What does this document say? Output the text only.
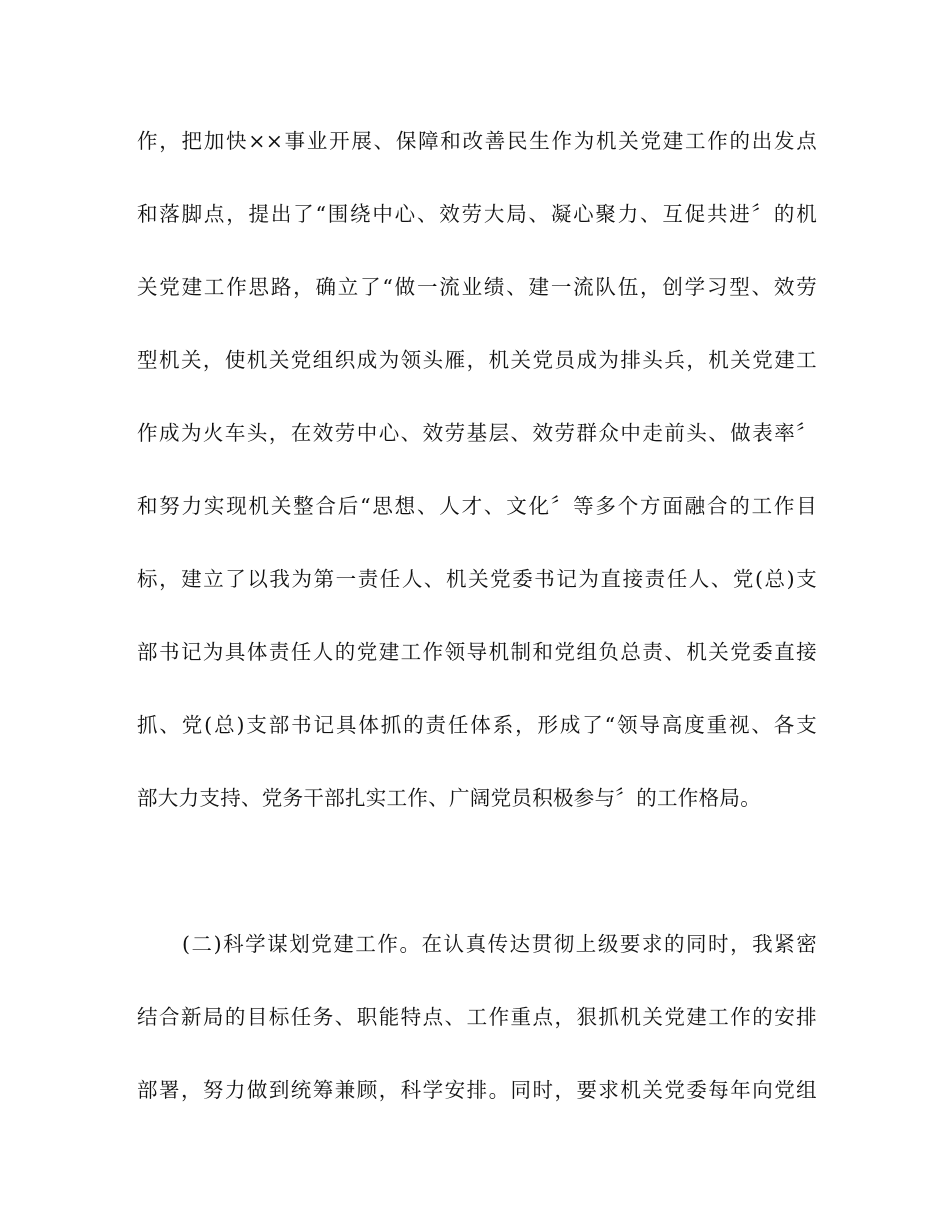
作，把加快××事业开展、保障和改善民生作为机关党建工作的出发点

和落脚点，提出了“围绕中心、效劳大局、凝心聚力、互促共进〞的机

关党建工作思路，确立了“做一流业绩、建一流队伍，创学习型、效劳

型机关，使机关党组织成为领头雁，机关党员成为排头兵，机关党建工

作成为火车头，在效劳中心、效劳基层、效劳群众中走前头、做表率〞

和努力实现机关整合后“思想、人才、文化〞等多个方面融合的工作目

标，建立了以我为第一责任人、机关党委书记为直接责任人、党(总)支

部书记为具体责任人的党建工作领导机制和党组负总责、机关党委直接

抓、党(总)支部书记具体抓的责任体系，形成了“领导高度重视、各支

部大力支持、党务干部扎实工作、广阔党员积极参与〞的工作格局。

(二)科学谋划党建工作。在认真传达贯彻上级要求的同时，我紧密

结合新局的目标任务、职能特点、工作重点，狠抓机关党建工作的安排

部署，努力做到统筹兼顾，科学安排。同时，要求机关党委每年向党组
